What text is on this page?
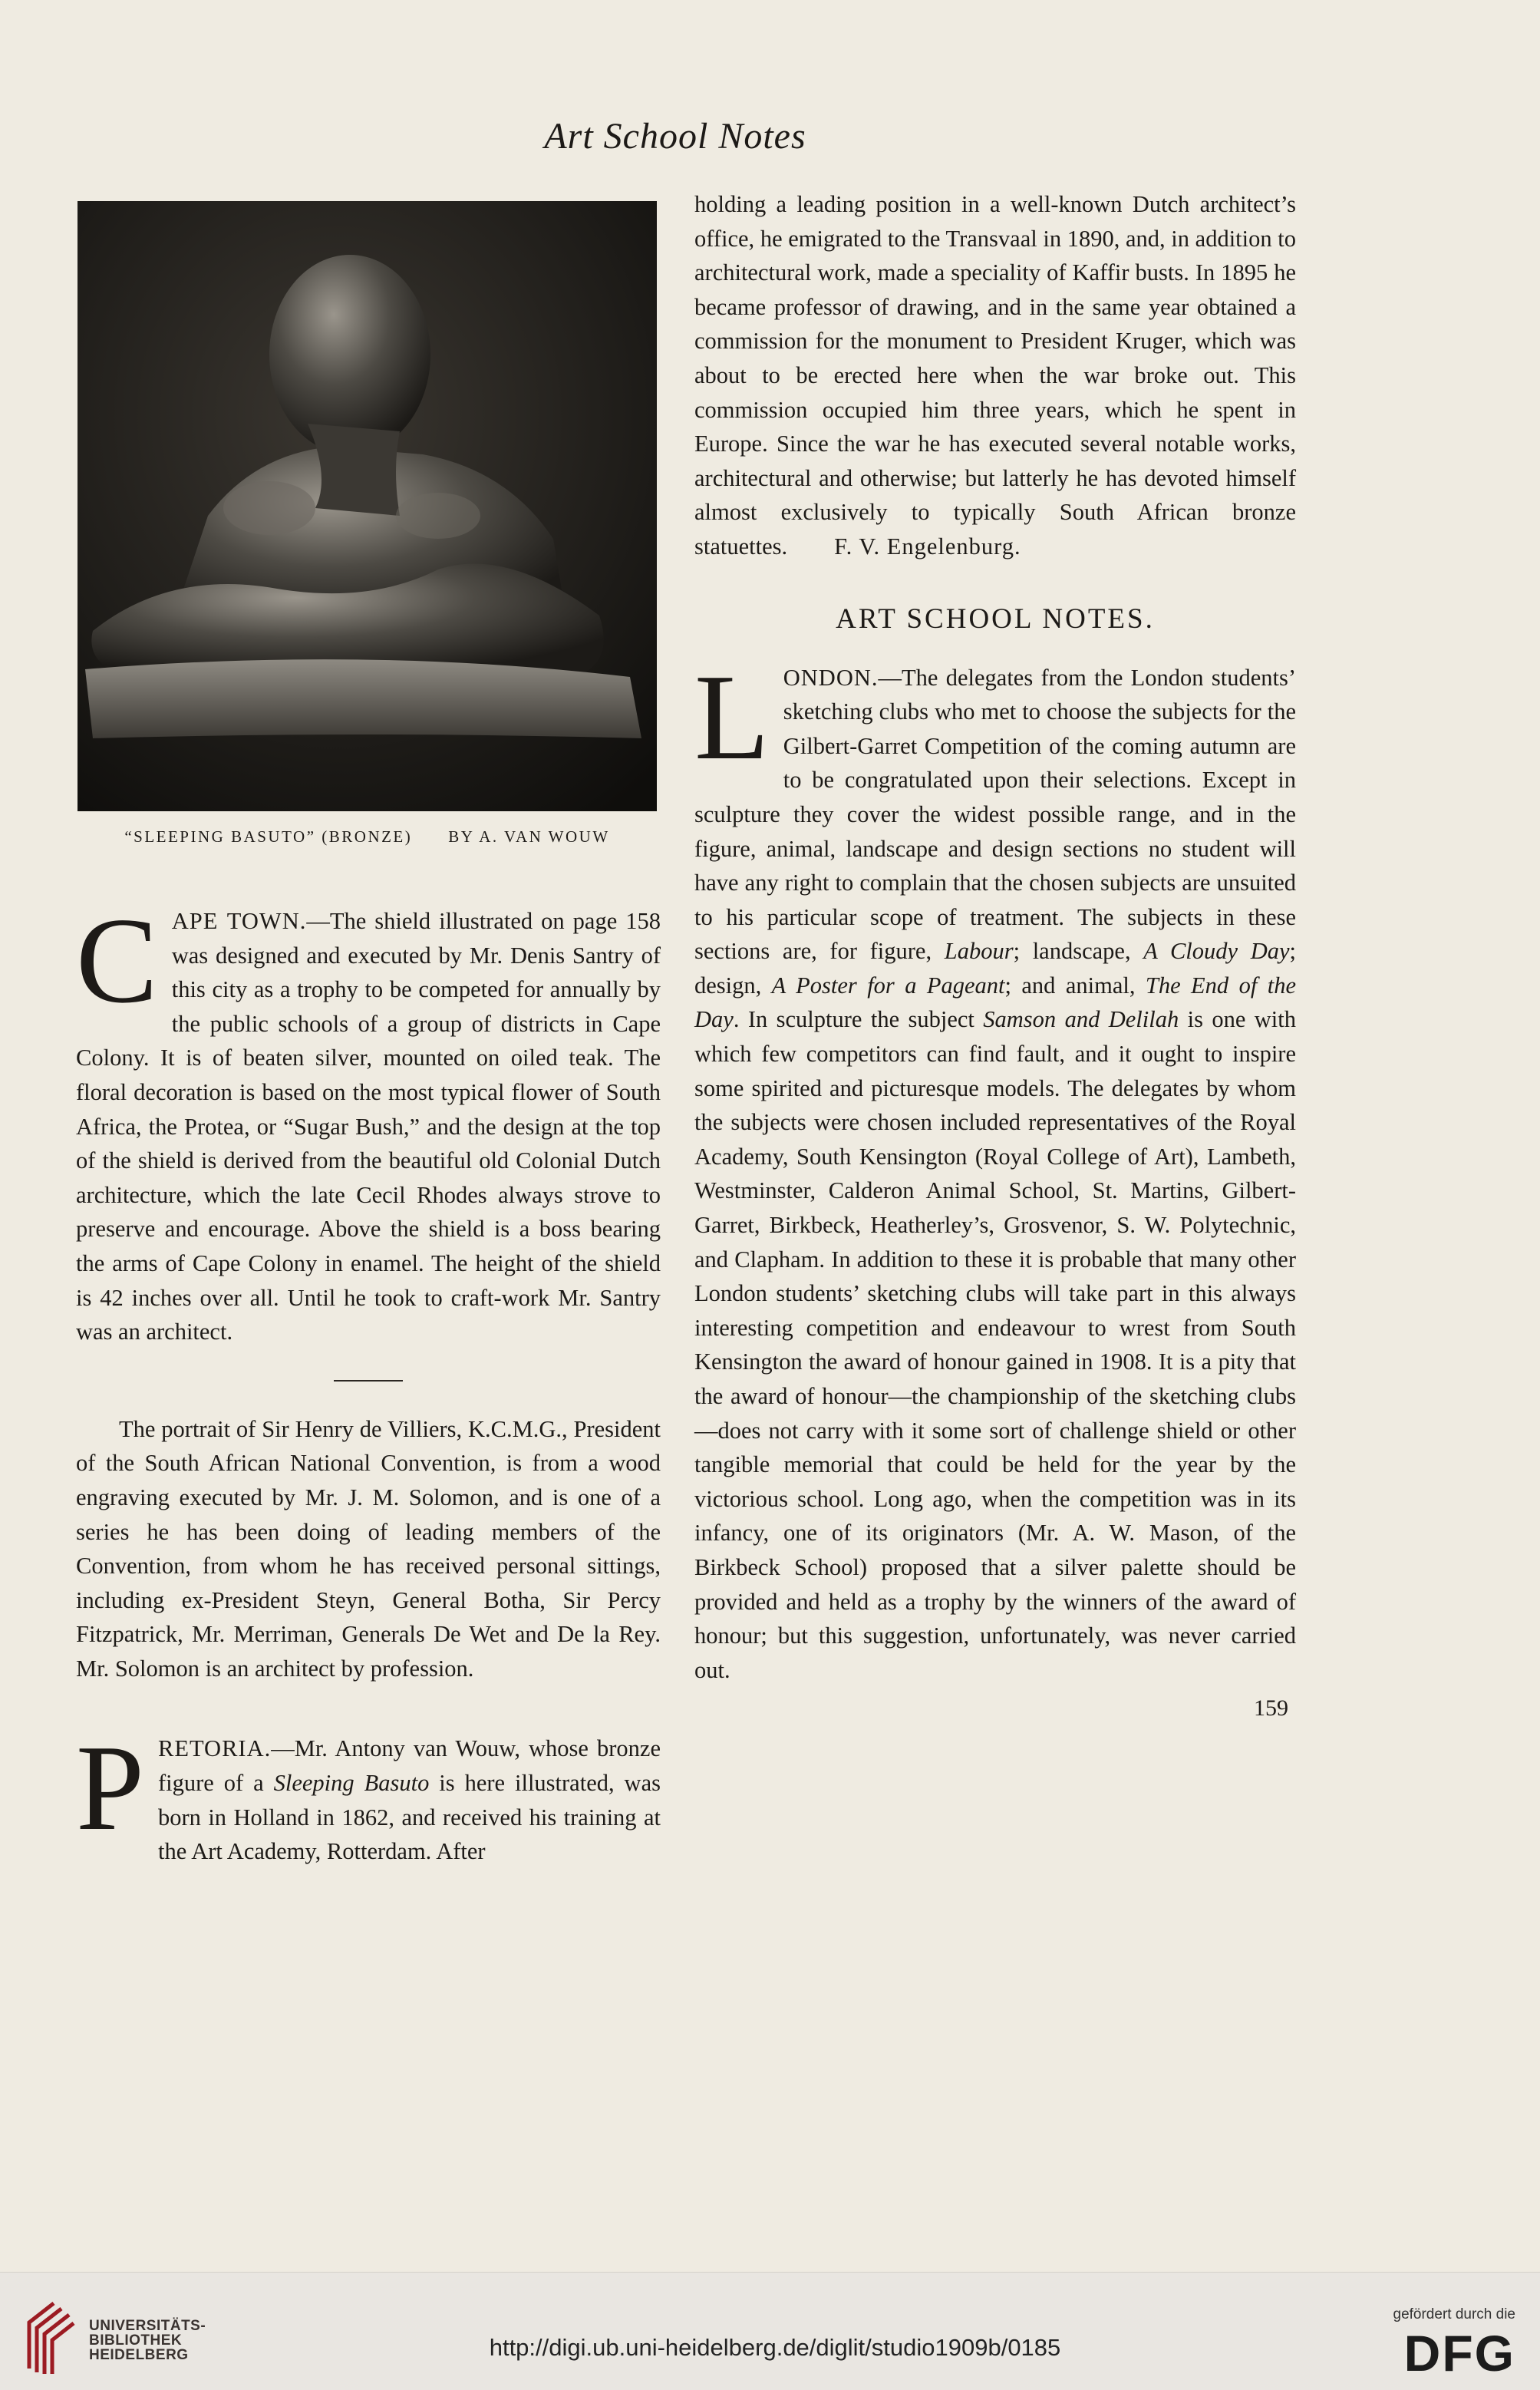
Art School Notes
“SLEEPING BASUTO” (BRONZE)  BY A. VAN WOUW

CAPE TOWN.—The shield illustrated on page 158 was designed and executed by Mr. Denis Santry of this city as a trophy to be competed for annually by the public schools of a group of districts in Cape Colony. It is of beaten silver, mounted on oiled teak. The floral decoration is based on the most typical flower of South Africa, the Protea, or “Sugar Bush,” and the design at the top of the shield is derived from the beautiful old Colonial Dutch architecture, which the late Cecil Rhodes always strove to preserve and encourage. Above the shield is a boss bearing the arms of Cape Colony in enamel. The height of the shield is 42 inches over all. Until he took to craft-work Mr. Santry was an architect.

The portrait of Sir Henry de Villiers, K.C.M.G., President of the South African National Convention, is from a wood engraving executed by Mr. J. M. Solomon, and is one of a series he has been doing of leading members of the Convention, from whom he has received personal sittings, including ex-President Steyn, General Botha, Sir Percy Fitzpatrick, Mr. Merriman, Generals De Wet and De la Rey. Mr. Solomon is an architect by profession.

PRETORIA.—Mr. Antony van Wouw, whose bronze figure of a Sleeping Basuto is here illustrated, was born in Holland in 1862, and received his training at the Art Academy, Rotterdam. After

holding a leading position in a well-known Dutch architect’s office, he emigrated to the Transvaal in 1890, and, in addition to architectural work, made a speciality of Kaffir busts. In 1895 he became professor of drawing, and in the same year obtained a commission for the monument to President Kruger, which was about to be erected here when the war broke out. This commission occupied him three years, which he spent in Europe. Since the war he has executed several notable works, architectural and otherwise; but latterly he has devoted himself almost exclusively to typically South African bronze statuettes.   F. V. Engelenburg.

ART SCHOOL NOTES.

LONDON.—The delegates from the London students’ sketching clubs who met to choose the subjects for the Gilbert-Garret Competition of the coming autumn are to be congratulated upon their selections. Except in sculpture they cover the widest possible range, and in the figure, animal, landscape and design sections no student will have any right to complain that the chosen subjects are unsuited to his particular scope of treatment. The subjects in these sections are, for figure, Labour; landscape, A Cloudy Day; design, A Poster for a Pageant; and animal, The End of the Day. In sculpture the subject Samson and Delilah is one with which few competitors can find fault, and it ought to inspire some spirited and picturesque models. The delegates by whom the subjects were chosen included representatives of the Royal Academy, South Kensington (Royal College of Art), Lambeth, Westminster, Calderon Animal School, St. Martins, Gilbert-Garret, Birkbeck, Heatherley’s, Grosvenor, S. W. Polytechnic, and Clapham. In addition to these it is probable that many other London students’ sketching clubs will take part in this always interesting competition and endeavour to wrest from South Kensington the award of honour gained in 1908. It is a pity that the award of honour—the championship of the sketching clubs—does not carry with it some sort of challenge shield or other tangible memorial that could be held for the year by the victorious school. Long ago, when the competition was in its infancy, one of its originators (Mr. A. W. Mason, of the Birkbeck School) proposed that a silver palette should be provided and held as a trophy by the winners of the award of honour; but this suggestion, unfortunately, was never carried out.

159
UNIVERSITÄTS-
BIBLIOTHEK
HEIDELBERG	http://digi.ub.uni-heidelberg.de/diglit/studio1909b/0185
gefördert durch die
DFG
